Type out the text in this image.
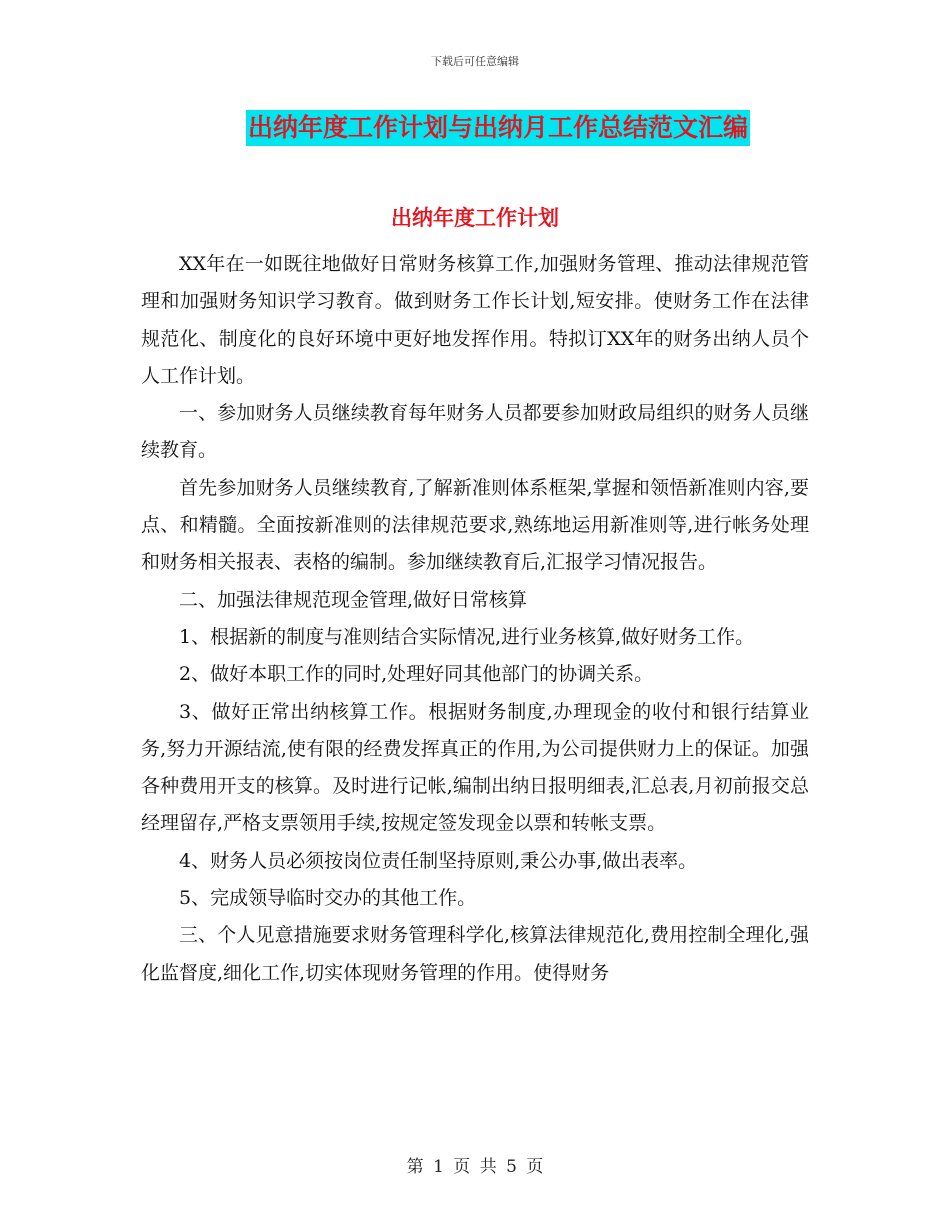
下载后可任意编辑
出纳年度工作计划与出纳月工作总结范文汇编
出纳年度工作计划

XX年在一如既往地做好日常财务核算工作,加强财务管理、推动法律规范管理和加强财务知识学习教育。做到财务工作长计划,短安排。使财务工作在法律规范化、制度化的良好环境中更好地发挥作用。特拟订XX年的财务出纳人员个人工作计划。

一、参加财务人员继续教育每年财务人员都要参加财政局组织的财务人员继续教育。

首先参加财务人员继续教育,了解新准则体系框架,掌握和领悟新准则内容,要点、和精髓。全面按新准则的法律规范要求,熟练地运用新准则等,进行帐务处理和财务相关报表、表格的编制。参加继续教育后,汇报学习情况报告。

二、加强法律规范现金管理,做好日常核算

1、根据新的制度与准则结合实际情况,进行业务核算,做好财务工作。

2、做好本职工作的同时,处理好同其他部门的协调关系。

3、做好正常出纳核算工作。根据财务制度,办理现金的收付和银行结算业务,努力开源结流,使有限的经费发挥真正的作用,为公司提供财力上的保证。加强各种费用开支的核算。及时进行记帐,编制出纳日报明细表,汇总表,月初前报交总经理留存,严格支票领用手续,按规定签发现金以票和转帐支票。

4、财务人员必须按岗位责任制坚持原则,秉公办事,做出表率。

5、完成领导临时交办的其他工作。

三、个人见意措施要求财务管理科学化,核算法律规范化,费用控制全理化,强化监督度,细化工作,切实体现财务管理的作用。使得财务

第 1 页 共 5 页
